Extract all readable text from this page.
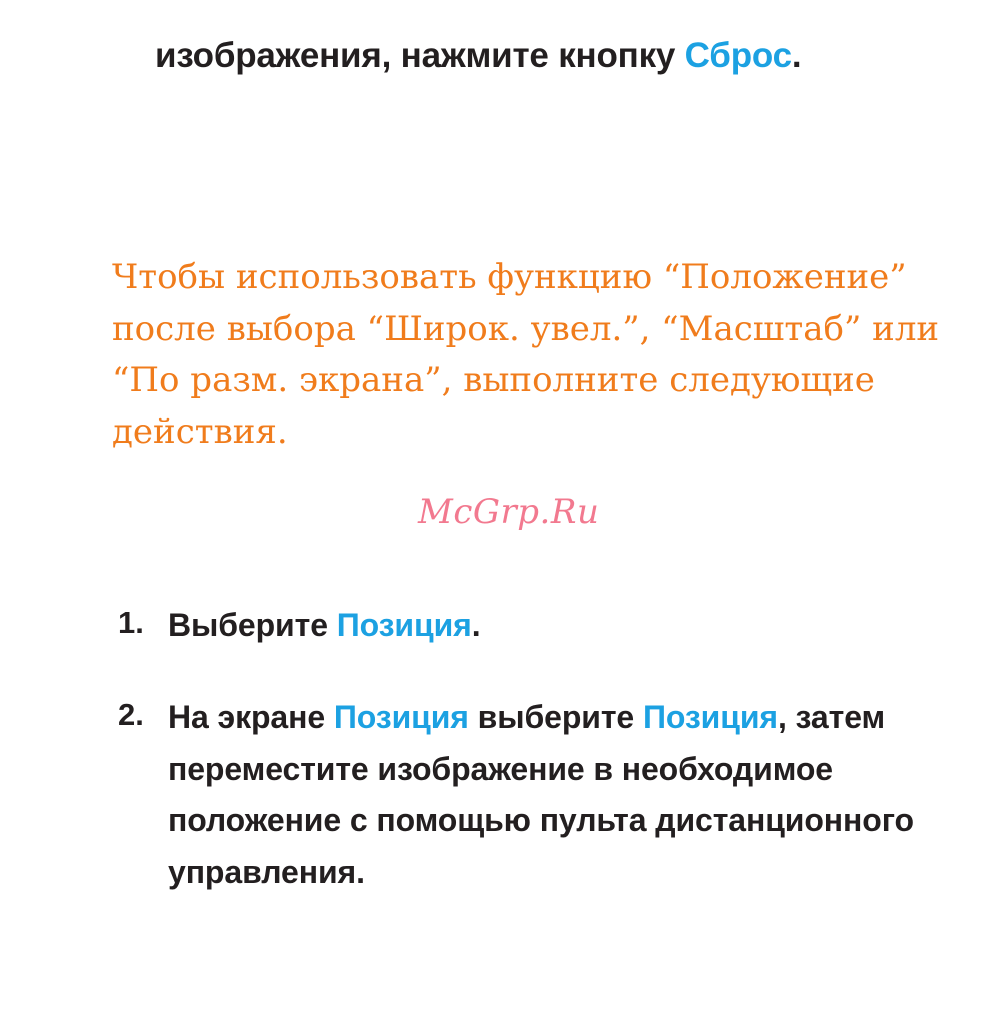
изображения, нажмите кнопку Сброс.
Чтобы использовать функцию “Положение” после выбора “Широк. увел.”, “Масштаб” или “По разм. экрана”, выполните следующие действия.
1. Выберите Позиция.
2. На экране Позиция выберите Позиция, затем переместите изображение в необходимое положение с помощью пульта дистанционного управления.
McGrp.Ru
